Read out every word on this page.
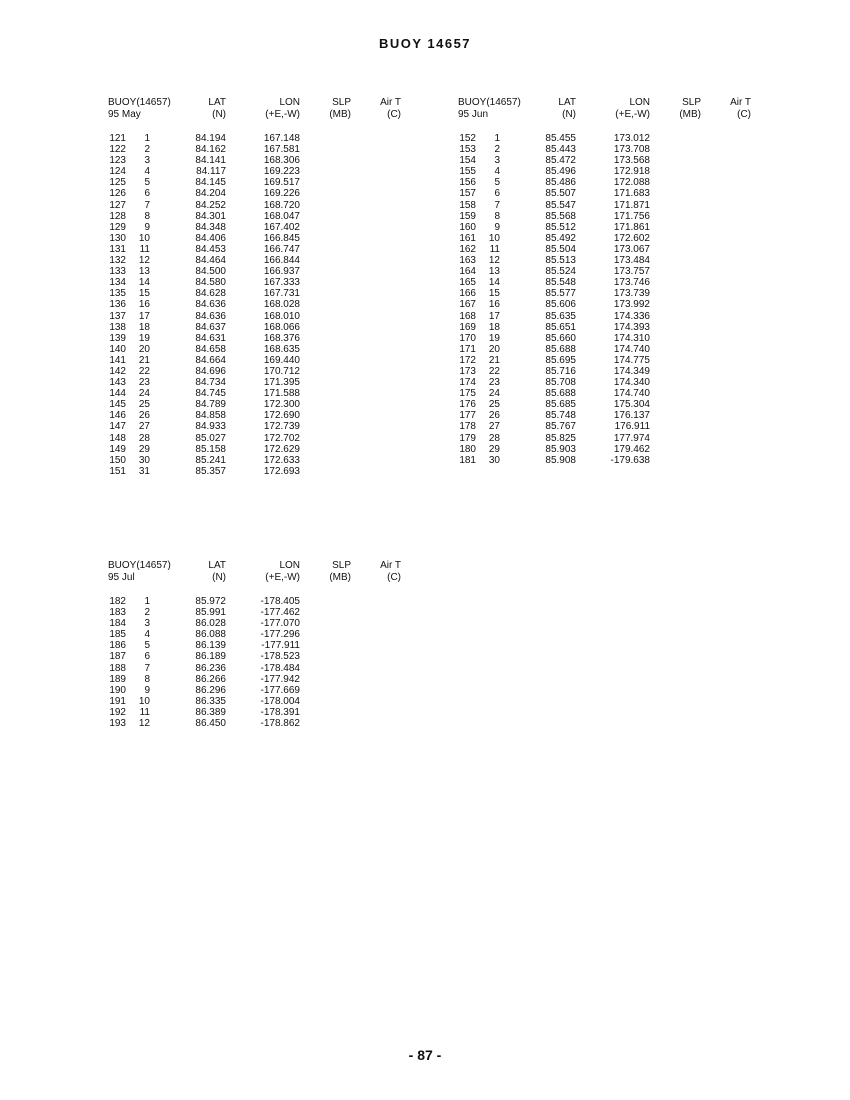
BUOY 14657
BUOY(14657)
95 May
LAT
(N)
LON
(+E,-W)
SLP
(MB)
Air T
(C)
121	1	84.194	167.148
122	2	84.162	167.581
123	3	84.141	168.306
124	4	84.117	169.223
125	5	84.145	169.517
126	6	84.204	169.226
127	7	84.252	168.720
128	8	84.301	168.047
129	9	84.348	167.402
130	10	84.406	166.845
131	11	84.453	166.747
132	12	84.464	166.844
133	13	84.500	166.937
134	14	84.580	167.333
135	15	84.628	167.731
136	16	84.636	168.028
137	17	84.636	168.010
138	18	84.637	168.066
139	19	84.631	168.376
140	20	84.658	168.635
141	21	84.664	169.440
142	22	84.696	170.712
143	23	84.734	171.395
144	24	84.745	171.588
145	25	84.789	172.300
146	26	84.858	172.690
147	27	84.933	172.739
148	28	85.027	172.702
149	29	85.158	172.629
150	30	85.241	172.633
151	31	85.357	172.693
BUOY(14657)
95 Jun
LAT
(N)
LON
(+E,-W)
SLP
(MB)
Air T
(C)
152	1	85.455	173.012
153	2	85.443	173.708
154	3	85.472	173.568
155	4	85.496	172.918
156	5	85.486	172.088
157	6	85.507	171.683
158	7	85.547	171.871
159	8	85.568	171.756
160	9	85.512	171.861
161	10	85.492	172.602
162	11	85.504	173.067
163	12	85.513	173.484
164	13	85.524	173.757
165	14	85.548	173.746
166	15	85.577	173.739
167	16	85.606	173.992
168	17	85.635	174.336
169	18	85.651	174.393
170	19	85.660	174.310
171	20	85.688	174.740
172	21	85.695	174.775
173	22	85.716	174.349
174	23	85.708	174.340
175	24	85.688	174.740
176	25	85.685	175.304
177	26	85.748	176.137
178	27	85.767	176.911
179	28	85.825	177.974
180	29	85.903	179.462
181	30	85.908	-179.638
BUOY(14657)
95 Jul
LAT
(N)
LON
(+E,-W)
SLP
(MB)
Air T
(C)
182	1	85.972	-178.405
183	2	85.991	-177.462
184	3	86.028	-177.070
185	4	86.088	-177.296
186	5	86.139	-177.911
187	6	86.189	-178.523
188	7	86.236	-178.484
189	8	86.266	-177.942
190	9	86.296	-177.669
191	10	86.335	-178.004
192	11	86.389	-178.391
193	12	86.450	-178.862
- 87 -
